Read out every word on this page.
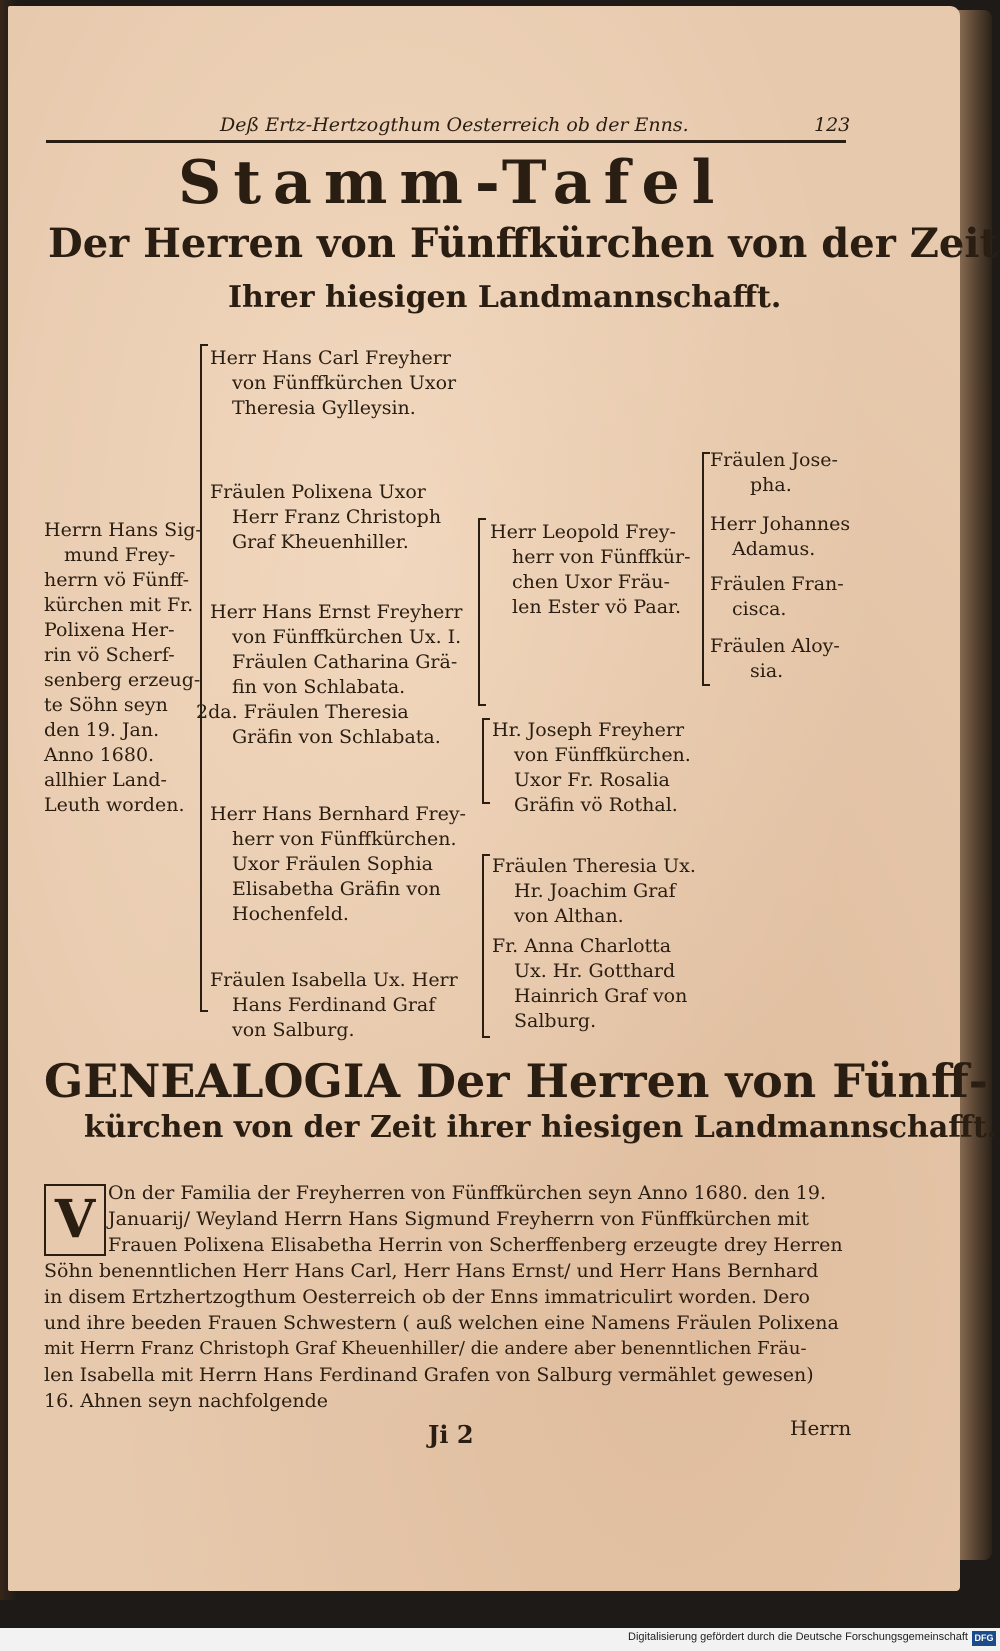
Deß Ertz-Hertzogthum Oesterreich ob der Enns.	123
Stamm-Tafel
Der Herren von Fünffkürchen von der Zeit
Ihrer hiesigen Landmannschafft.
Herrn Hans Sig-
mund Frey-
herrn vö Fünff-
kürchen mit Fr.
Polixena Her-
rin vö Scherf-
senberg erzeug-
te Söhn seyn
den 19. Jan.
Anno 1680.
allhier Land-
Leuth worden.
Herr Hans Carl Freyherr
von Fünffkürchen Uxor
Theresia Gylleysin.
Fräulen Polixena Uxor
Herr Franz Christoph
Graf Kheuenhiller.
Herr Hans Ernst Freyherr
von Fünffkürchen Ux. I.
Fräulen Catharina Grä-
fin von Schlabata.
2da. Fräulen Theresia
Gräfin von Schlabata.
Herr Hans Bernhard Frey-
herr von Fünffkürchen.
Uxor Fräulen Sophia
Elisabetha Gräfin von
Hochenfeld.
Fräulen Isabella Ux. Herr
Hans Ferdinand Graf
von Salburg.
Herr Leopold Frey-
herr von Fünffkür-
chen Uxor Fräu-
len Ester vö Paar.
Hr. Joseph Freyherr
von Fünffkürchen.
Uxor Fr. Rosalia
Gräfin vö Rothal.
Fräulen Theresia Ux.
Hr. Joachim Graf
von Althan.
Fr. Anna Charlotta
Ux. Hr. Gotthard
Hainrich Graf von
Salburg.
Fräulen Jose-
pha.
Herr Johannes
Adamus.
Fräulen Fran-
cisca.
Fräulen Aloy-
sia.
GENEALOGIA Der Herren von Fünff-
kürchen von der Zeit ihrer hiesigen Landmannschafft.
V On der Familia der Freyherren von Fünffkürchen seyn Anno 1680. den 19.
Januarij/ Weyland Herrn Hans Sigmund Freyherrn von Fünffkürchen mit
Frauen Polixena Elisabetha Herrin von Scherffenberg erzeugte drey Herren
Söhn benenntlichen Herr Hans Carl, Herr Hans Ernst/ und Herr Hans Bernhard
in disem Ertzhertzogthum Oesterreich ob der Enns immatriculirt worden. Dero
und ihre beeden Frauen Schwestern ( auß welchen eine Namens Fräulen Polixena
mit Herrn Franz Christoph Graf Kheuenhiller/ die andere aber benenntlichen Fräu-
len Isabella mit Herrn Hans Ferdinand Grafen von Salburg vermählet gewesen)
16. Ahnen seyn nachfolgende
Ji 2	Herrn
Digitalisierung gefördert durch die Deutsche Forschungsgemeinschaft DFG
